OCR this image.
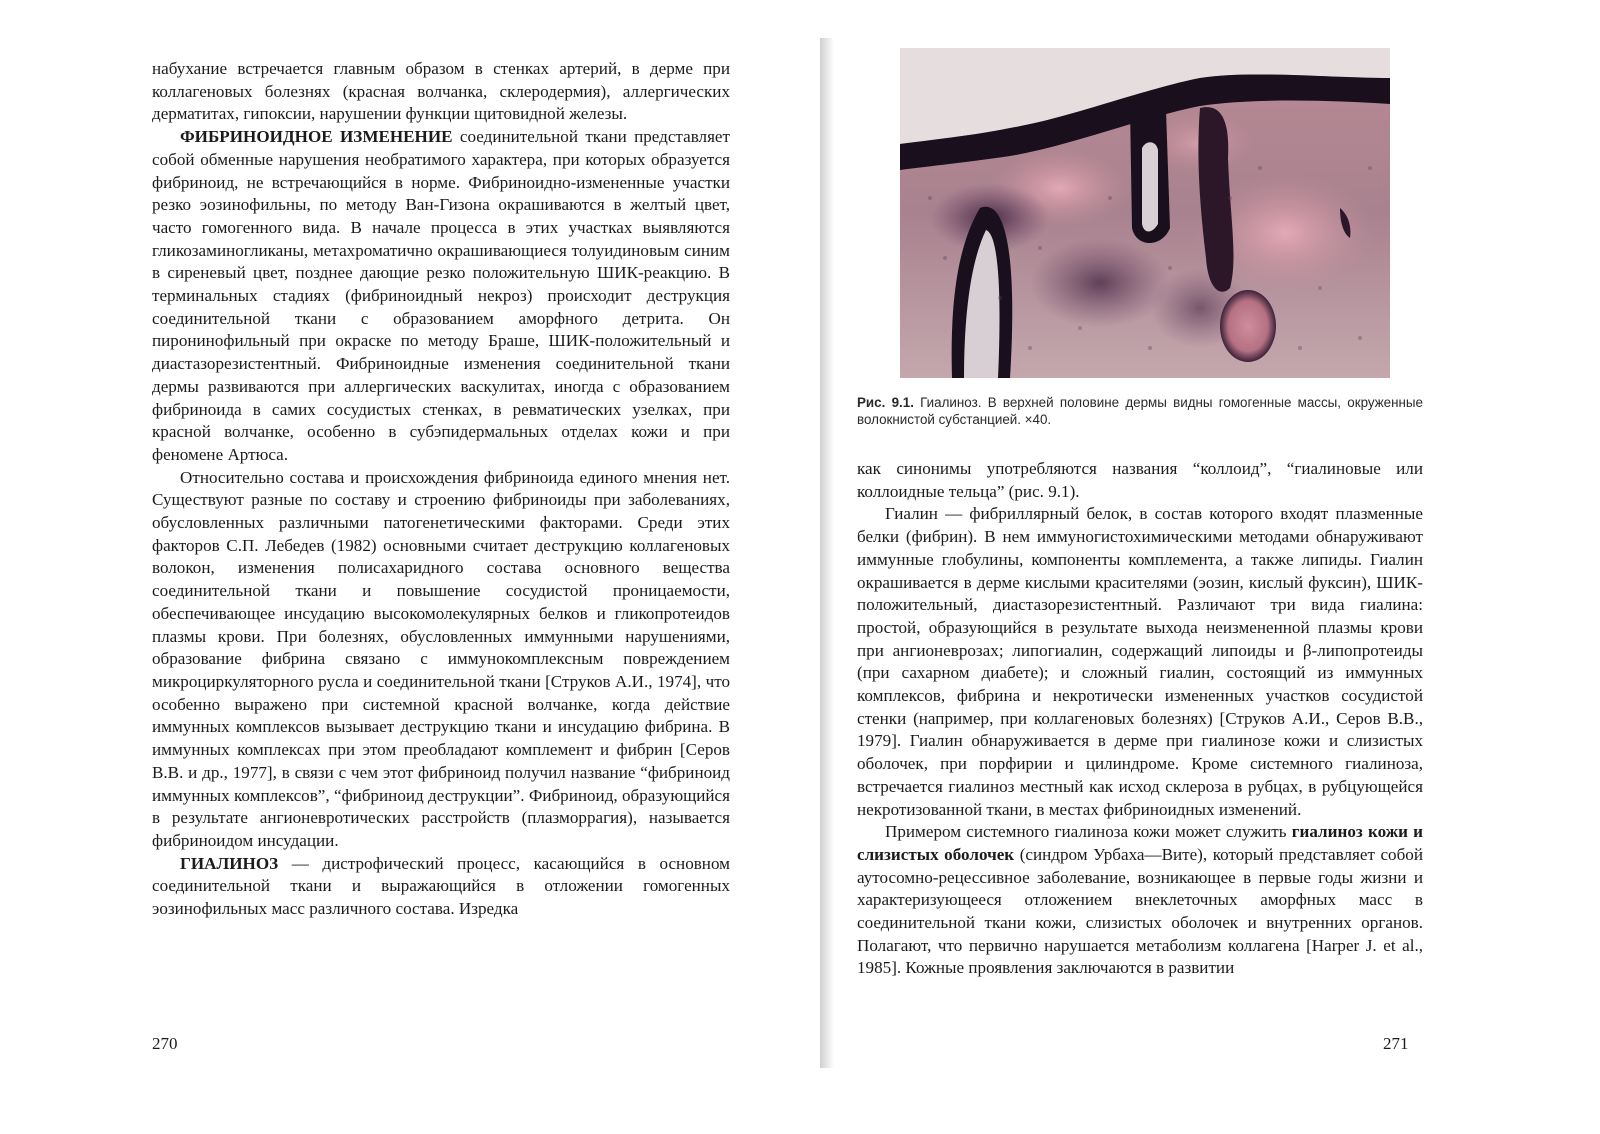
набухание встречается главным образом в стенках артерий, в дерме при коллагеновых болезнях (красная волчанка, склеродермия), аллергических дерматитах, гипоксии, нарушении функции щитовидной железы.

ФИБРИНОИДНОЕ ИЗМЕНЕНИЕ соединительной ткани представляет собой обменные нарушения необратимого характера, при которых образуется фибриноид, не встречающийся в норме. Фибриноидно-измененные участки резко эозинофильны, по методу Ван-Гизона окрашиваются в желтый цвет, часто гомогенного вида. В начале процесса в этих участках выявляются гликозаминогликаны, метахроматично окрашивающиеся толуидиновым синим в сиреневый цвет, позднее дающие резко положительную ШИК-реакцию. В терминальных стадиях (фибриноидный некроз) происходит деструкция соединительной ткани с образованием аморфного детрита. Он пиронинофильный при окраске по методу Браше, ШИК-положительный и диастазорезистентный. Фибриноидные изменения соединительной ткани дермы развиваются при аллергических васкулитах, иногда с образованием фибриноида в самих сосудистых стенках, в ревматических узелках, при красной волчанке, особенно в субэпидермальных отделах кожи и при феномене Артюса.

Относительно состава и происхождения фибриноида единого мнения нет. Существуют разные по составу и строению фибриноиды при заболеваниях, обусловленных различными патогенетическими факторами. Среди этих факторов С.П. Лебедев (1982) основными считает деструкцию коллагеновых волокон, изменения полисахаридного состава основного вещества соединительной ткани и повышение сосудистой проницаемости, обеспечивающее инсудацию высокомолекулярных белков и гликопротеидов плазмы крови. При болезнях, обусловленных иммунными нарушениями, образование фибрина связано с иммунокомплексным повреждением микроциркуляторного русла и соединительной ткани [Струков А.И., 1974], что особенно выражено при системной красной волчанке, когда действие иммунных комплексов вызывает деструкцию ткани и инсудацию фибрина. В иммунных комплексах при этом преобладают комплемент и фибрин [Серов В.В. и др., 1977], в связи с чем этот фибриноид получил название “фибриноид иммунных комплексов”, “фибриноид деструкции”. Фибриноид, образующийся в результате ангионевротических расстройств (плазморрагия), называется фибриноидом инсудации.

ГИАЛИНОЗ — дистрофический процесс, касающийся в основном соединительной ткани и выражающийся в отложении гомогенных эозинофильных масс различного состава. Изредка

270
Рис. 9.1. Гиалиноз. В верхней половине дермы видны гомогенные массы, окруженные волокнистой субстанцией. ×40.

как синонимы употребляются названия “коллоид”, “гиалиновые или коллоидные тельца” (рис. 9.1).

Гиалин — фибриллярный белок, в состав которого входят плазменные белки (фибрин). В нем иммуногистохимическими методами обнаруживают иммунные глобулины, компоненты комплемента, а также липиды. Гиалин окрашивается в дерме кислыми красителями (эозин, кислый фуксин), ШИК-положительный, диастазорезистентный. Различают три вида гиалина: простой, образующийся в результате выхода неизмененной плазмы крови при ангионеврозах; липогиалин, содержащий липоиды и β-липопротеиды (при сахарном диабете); и сложный гиалин, состоящий из иммунных комплексов, фибрина и некротически измененных участков сосудистой стенки (например, при коллагеновых болезнях) [Струков А.И., Серов В.В., 1979]. Гиалин обнаруживается в дерме при гиалинозе кожи и слизистых оболочек, при порфирии и цилиндроме. Кроме системного гиалиноза, встречается гиалиноз местный как исход склероза в рубцах, в рубцующейся некротизованной ткани, в местах фибриноидных изменений.

Примером системного гиалиноза кожи может служить гиалиноз кожи и слизистых оболочек (синдром Урбаха—Вите), который представляет собой аутосомно-рецессивное заболевание, возникающее в первые годы жизни и характеризующееся отложением внеклеточных аморфных масс в соединительной ткани кожи, слизистых оболочек и внутренних органов. Полагают, что первично нарушается метаболизм коллагена [Harper J. et al., 1985]. Кожные проявления заключаются в развитии

271
